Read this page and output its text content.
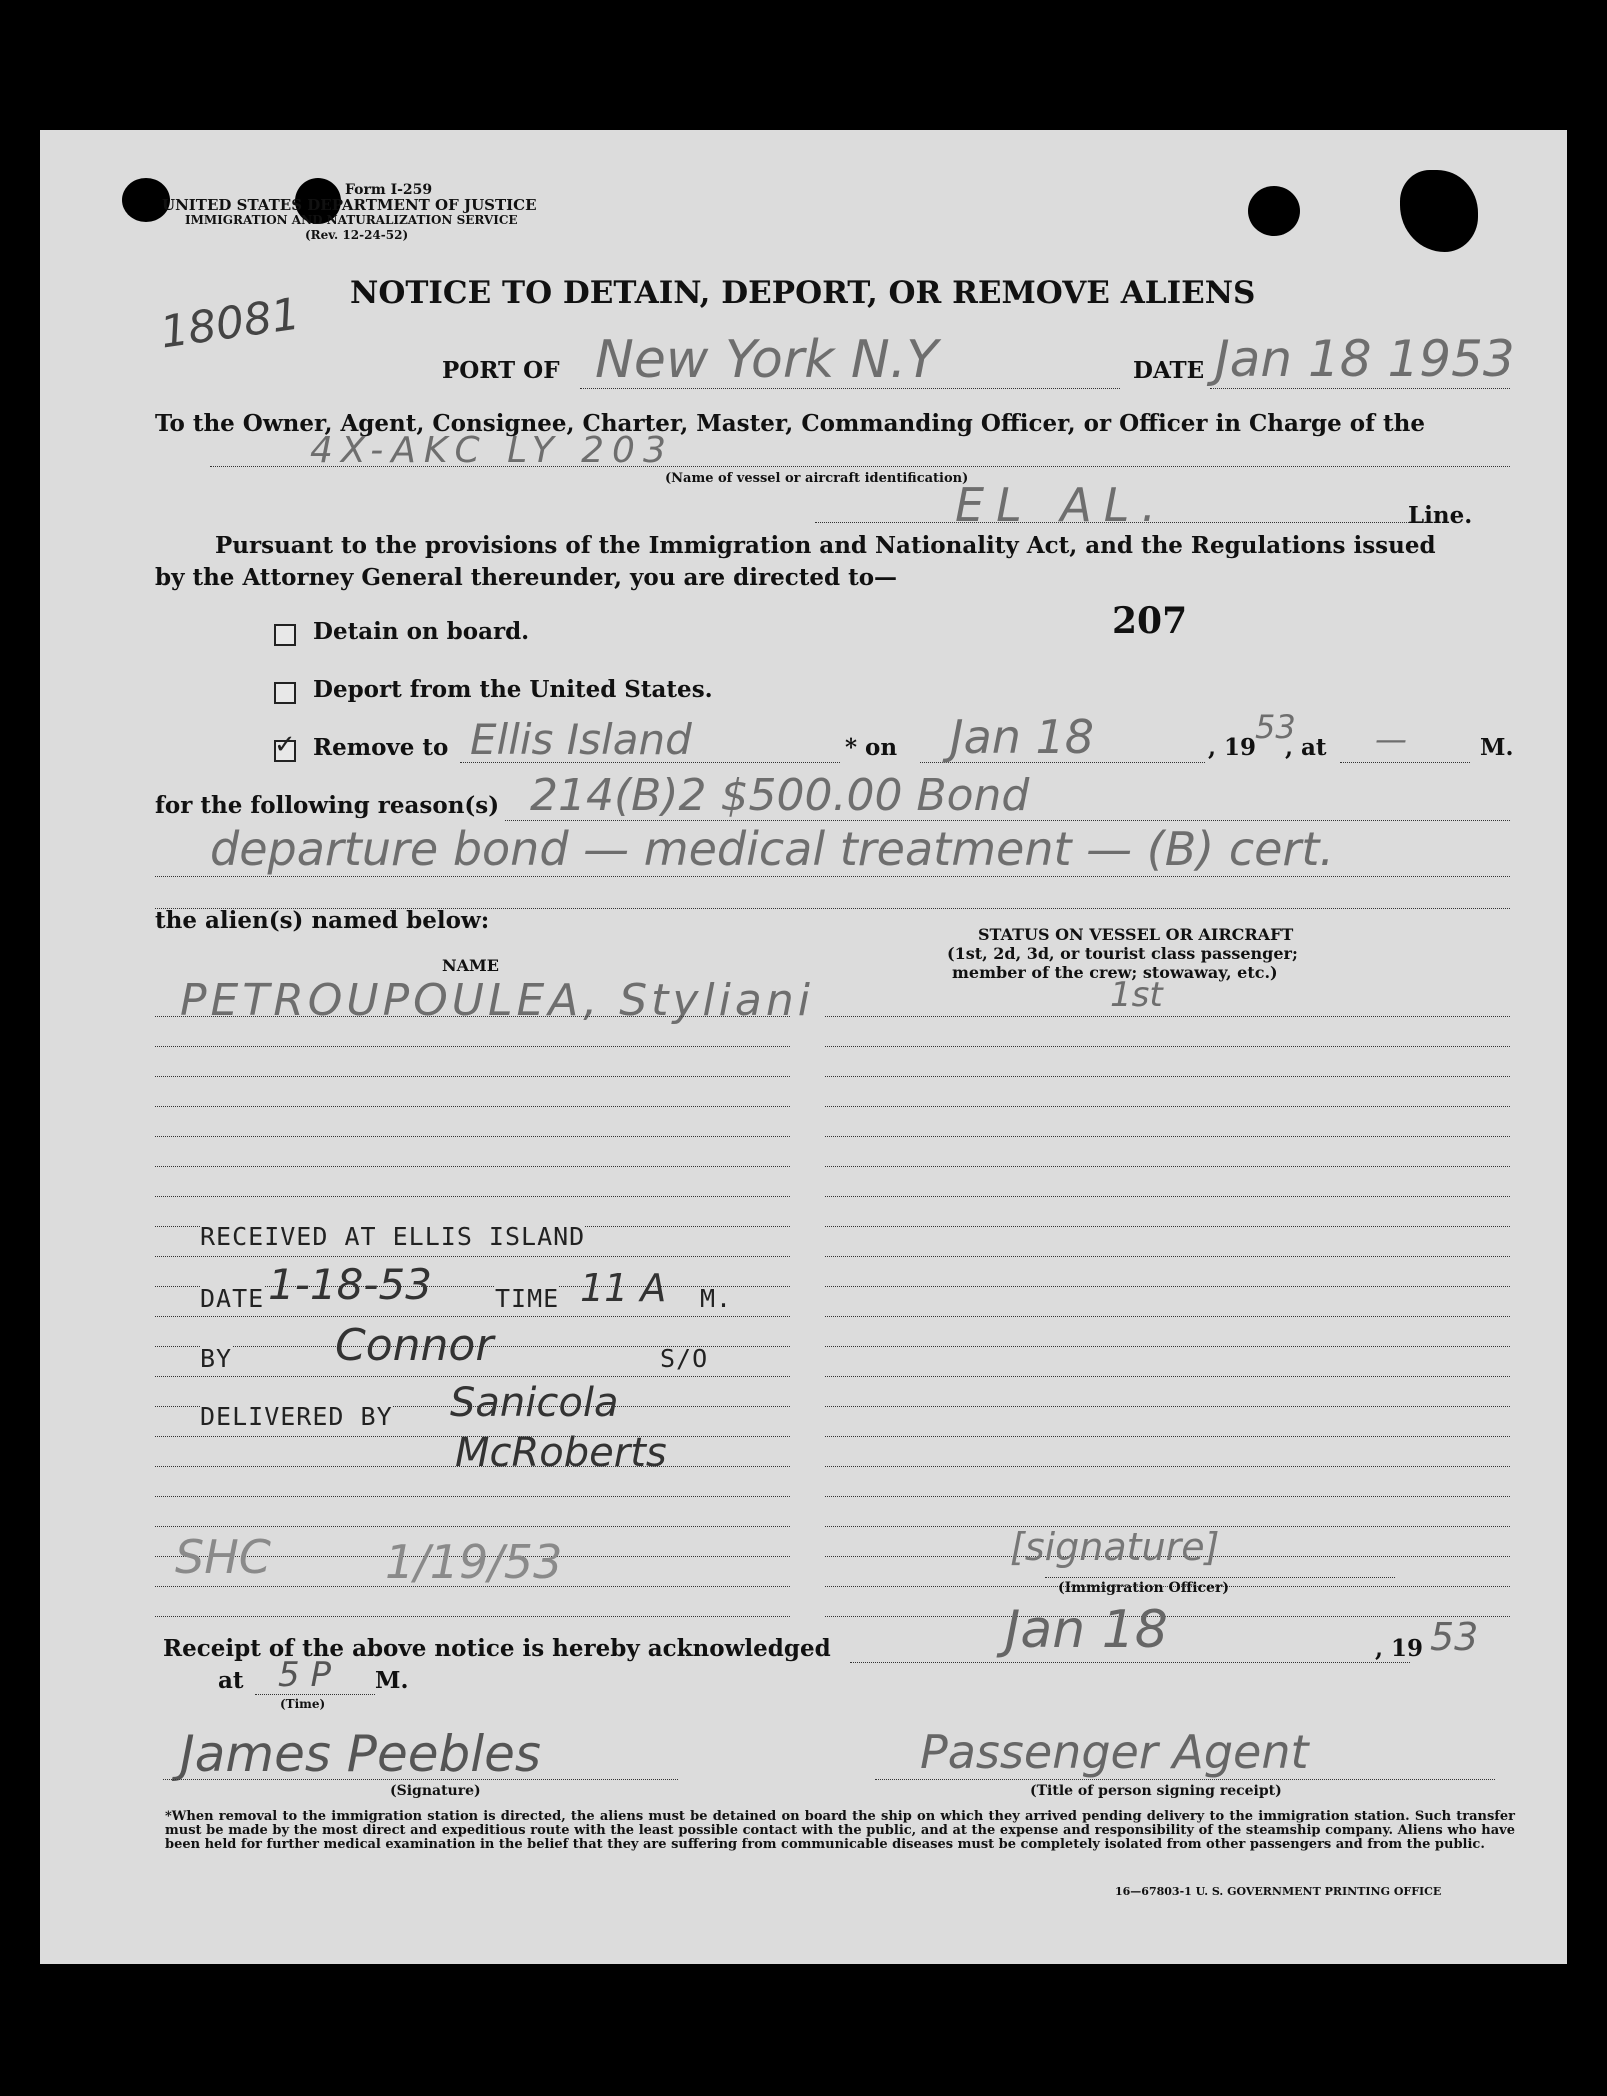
Form I-259
UNITED STATES DEPARTMENT OF JUSTICE
IMMIGRATION AND NATURALIZATION SERVICE
(Rev. 12-24-52)
18081 NOTICE TO DETAIN, DEPORT, OR REMOVE ALIENS
PORT OF New York N.Y	DATE Jan 18 1953
To the Owner, Agent, Consignee, Charter, Master, Commanding Officer, or Officer in Charge of the
4X-AKC LY 203
(Name of vessel or aircraft identification)
EL AL.	Line.
Pursuant to the provisions of the Immigration and Nationality Act, and the Regulations issued
by the Attorney General thereunder, you are directed to—
207
Detain on board.
Deport from the United States.
✓ Remove to Ellis Island	* on Jan 18	, 19
53
, at —	M.
for the following reason(s) 214(B)2 $500.00 Bond
departure bond — medical treatment — (B) cert.
the alien(s) named below:
NAME
STATUS ON VESSEL OR AIRCRAFT
(1st, 2d, 3d, or tourist class passenger;
member of the crew; stowaway, etc.)
PETROUPOULEA, Styliani	1st
RECEIVED AT ELLIS ISLAND
DATE 1-18-53	TIME 11 A M.
BY Connor	S/O
DELIVERED BY Sanicola
McRoberts
SHC 1/19/53	[signature]
(Immigration Officer)
Receipt of the above notice is hereby acknowledged	Jan 18	, 19 53
at 5 P M.
(Time)
James Peebles
(Signature)
Passenger Agent
(Title of person signing receipt)
*When removal to the immigration station is directed, the aliens must be detained on board the ship on which they arrived pending delivery to the immigration station. Such transfer must be made by the most direct and expeditious route with the least possible contact with the public, and at the expense and responsibility of the steamship company. Aliens who have been held for further medical examination in the belief that they are suffering from communicable diseases must be completely isolated from other passengers and from the public.
16—67803-1 U. S. GOVERNMENT PRINTING OFFICE
